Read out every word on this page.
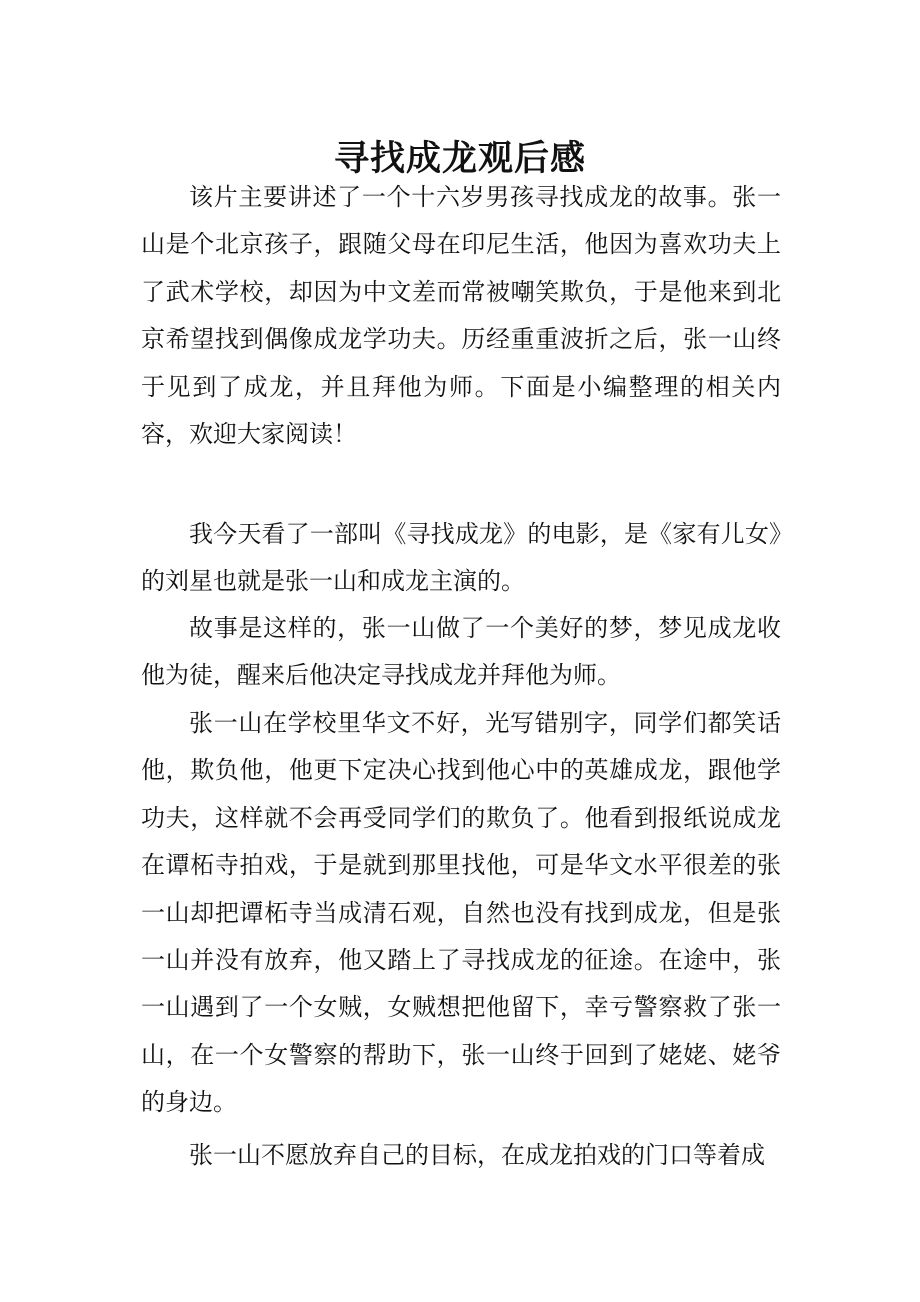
寻找成龙观后感

该片主要讲述了一个十六岁男孩寻找成龙的故事。张一山是个北京孩子，跟随父母在印尼生活，他因为喜欢功夫上了武术学校，却因为中文差而常被嘲笑欺负，于是他来到北京希望找到偶像成龙学功夫。历经重重波折之后，张一山终于见到了成龙，并且拜他为师。下面是小编整理的相关内容，欢迎大家阅读！

我今天看了一部叫《寻找成龙》的电影，是《家有儿女》的刘星也就是张一山和成龙主演的。

故事是这样的，张一山做了一个美好的梦，梦见成龙收他为徒，醒来后他决定寻找成龙并拜他为师。

张一山在学校里华文不好，光写错别字，同学们都笑话他，欺负他，他更下定决心找到他心中的英雄成龙，跟他学功夫，这样就不会再受同学们的欺负了。他看到报纸说成龙在谭柘寺拍戏，于是就到那里找他，可是华文水平很差的张一山却把谭柘寺当成清石观，自然也没有找到成龙，但是张一山并没有放弃，他又踏上了寻找成龙的征途。在途中，张一山遇到了一个女贼，女贼想把他留下，幸亏警察救了张一山，在一个女警察的帮助下，张一山终于回到了姥姥、姥爷的身边。

张一山不愿放弃自己的目标，在成龙拍戏的门口等着成
